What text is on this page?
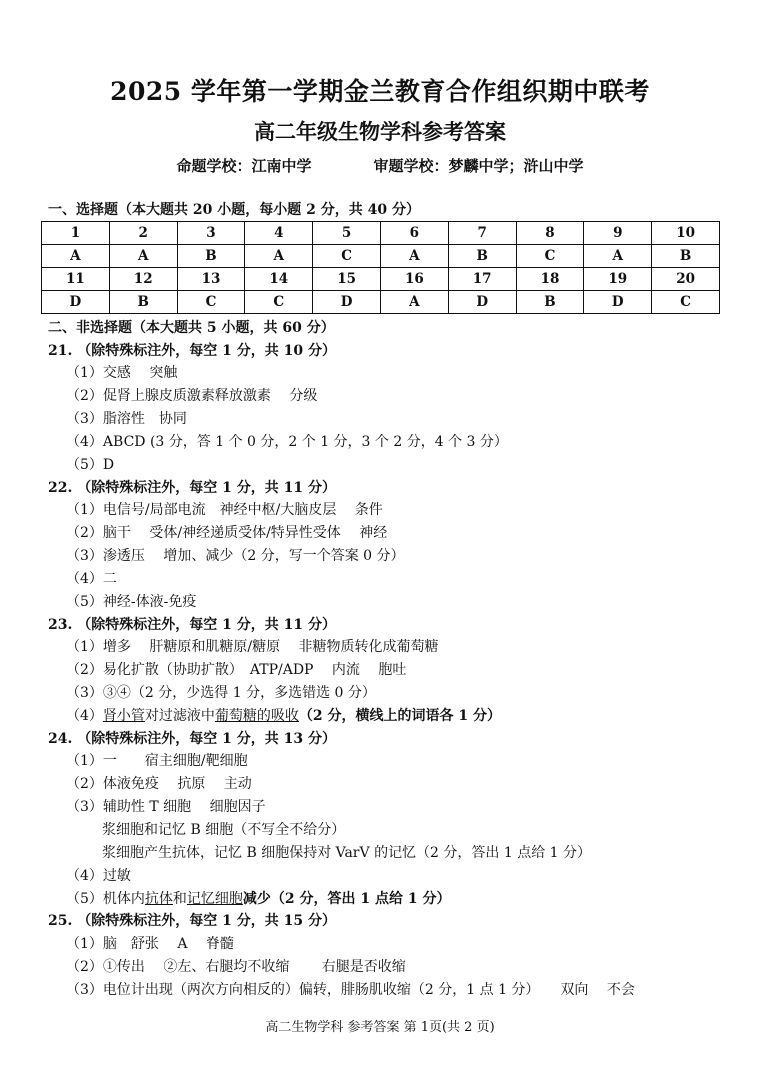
2025 学年第一学期金兰教育合作组织期中联考
高二年级生物学科参考答案
命题学校：江南中学	审题学校：梦麟中学；浒山中学
一、选择题（本大题共 20 小题，每小题 2 分，共 40 分）
1	2	3	4	5	6	7	8	9	10
A	A	B	A	C	A	B	C	A	B
11	12	13	14	15	16	17	18	19	20
D	B	C	C	D	A	D	B	D	C
二、非选择题（本大题共 5 小题，共 60 分）
21. （除特殊标注外，每空 1 分，共 10 分）
（1）交感　 突触
（2）促肾上腺皮质激素释放激素　 分级
（3）脂溶性　协同
（4）ABCD (3 分，答 1 个 0 分，2 个 1 分，3 个 2 分，4 个 3 分）
（5）D
22. （除特殊标注外，每空 1 分，共 11 分）
（1）电信号/局部电流　神经中枢/大脑皮层　 条件
（2）脑干　 受体/神经递质受体/特异性受体　 神经
（3）渗透压　 增加、减少（2 分，写一个答案 0 分）
（4）二
（5）神经-体液-免疫
23. （除特殊标注外，每空 1 分，共 11 分）
（1）增多　 肝糖原和肌糖原/糖原　 非糖物质转化成葡萄糖
（2）易化扩散（协助扩散）　ATP/ADP　 内流　 胞吐
（3）③④（2 分，少选得 1 分，多选错选 0 分）
（4）肾小管对过滤液中葡萄糖的吸收（2 分，横线上的词语各 1 分）
24. （除特殊标注外，每空 1 分，共 13 分）
（1）一　　宿主细胞/靶细胞
（2）体液免疫　 抗原　 主动
（3）辅助性 T 细胞　 细胞因子
浆细胞和记忆 B 细胞（不写全不给分）
浆细胞产生抗体，记忆 B 细胞保持对 VarV 的记忆（2 分，答出 1 点给 1 分）
（4）过敏
（5）机体内抗体和记忆细胞减少（2 分，答出 1 点给 1 分）
25. （除特殊标注外，每空 1 分，共 15 分）
（1）脑　舒张　 A　 脊髓
（2）①传出　 ②左、右腿均不收缩　　 右腿是否收缩
（3）电位计出现（两次方向相反的）偏转，腓肠肌收缩（2 分，1 点 1 分）　　双向　 不会
高二生物学科 参考答案 第 1页(共 2 页)
